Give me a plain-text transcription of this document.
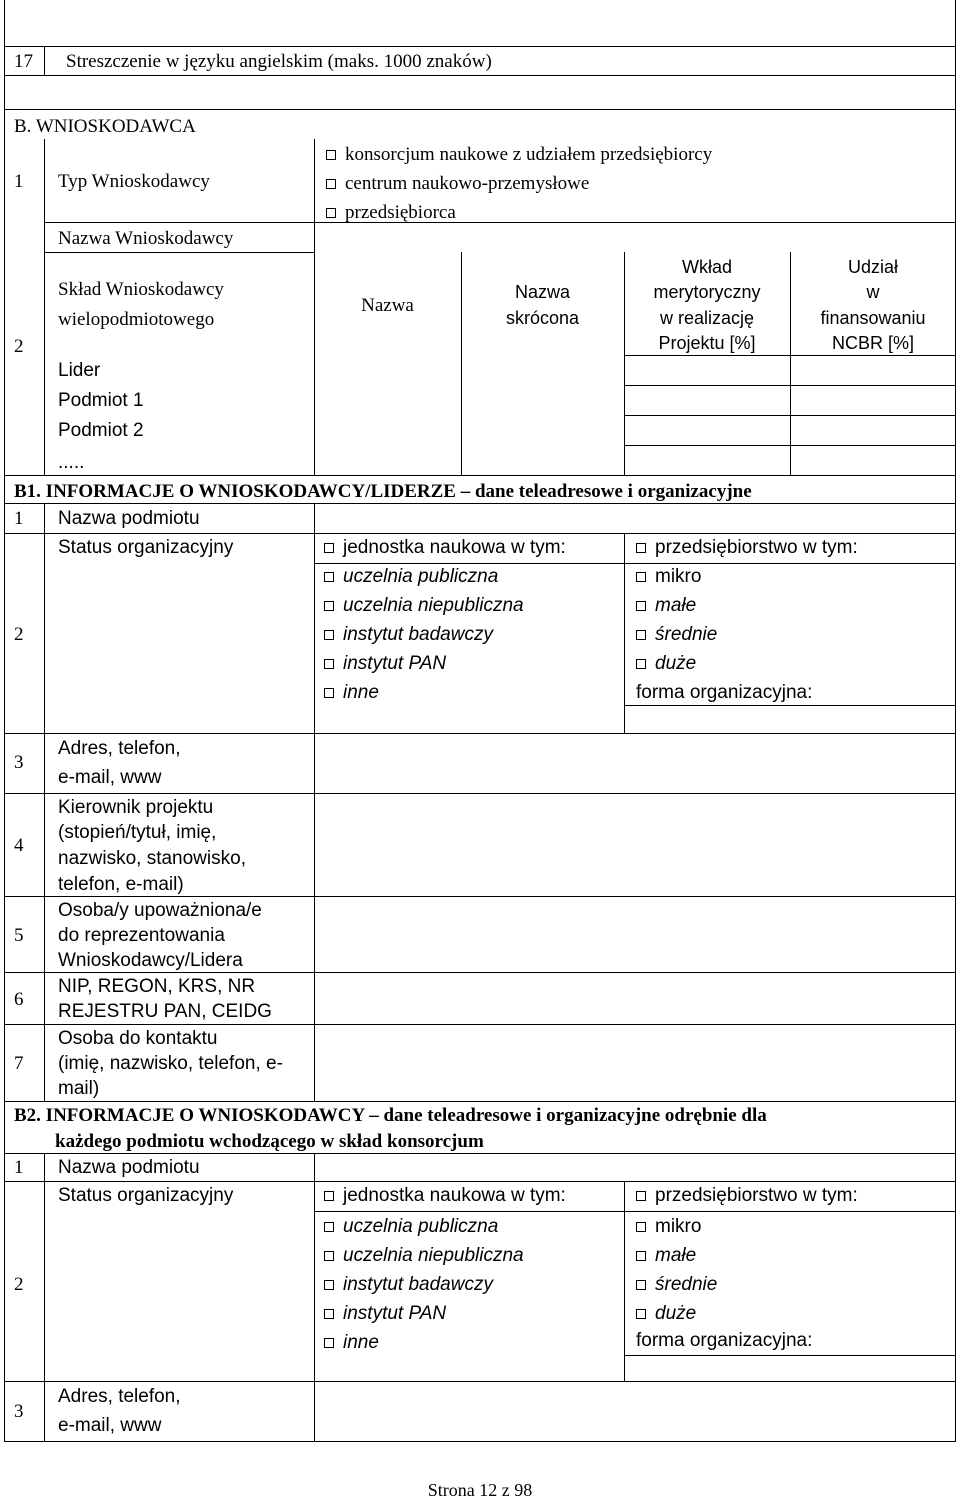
17 Streszczenie w języku angielskim (maks. 1000 znaków)
B. WNIOSKODAWCA
1 Typ Wnioskodawcy
konsorcjum naukowe z udziałem przedsiębiorcy
centrum naukowo-przemysłowe
przedsiębiorca
2
Nazwa Wnioskodawcy
Skład Wnioskodawcy
wielopodmiotowego
Nazwa
Nazwa
skrócona
Wkład
merytoryczny
w realizację
Projektu [%]
Udział
w
finansowaniu
NCBR [%]
Lider
Podmiot 1
Podmiot 2
.....
B1. INFORMACJE O WNIOSKODAWCY/LIDERZE – dane teleadresowe i organizacyjne
1 Nazwa podmiotu
2
Status organizacyjny	jednostka naukowa w tym:
uczelnia publiczna
uczelnia niepubliczna
instytut badawczy
instytut PAN
inne
przedsiębiorstwo w tym:
mikro
małe
średnie
duże
forma organizacyjna:
3
Adres, telefon,
e-mail, www
4
Kierownik projektu
(stopień/tytuł, imię,
nazwisko, stanowisko,
telefon, e-mail)
5
Osoba/y upoważniona/e
do reprezentowania
Wnioskodawcy/Lidera
6
NIP, REGON, KRS, NR
REJESTRU PAN, CEIDG
7
Osoba do kontaktu
(imię, nazwisko, telefon, e-
mail)
B2. INFORMACJE O WNIOSKODAWCY – dane teleadresowe i organizacyjne odrębnie dla
każdego podmiotu wchodzącego w skład konsorcjum
1 Nazwa podmiotu
2
Status organizacyjny	jednostka naukowa w tym:
uczelnia publiczna
uczelnia niepubliczna
instytut badawczy
instytut PAN
inne
przedsiębiorstwo w tym:
mikro
małe
średnie
duże
forma organizacyjna:
3
Adres, telefon,
e-mail, www
Strona 12 z 98
